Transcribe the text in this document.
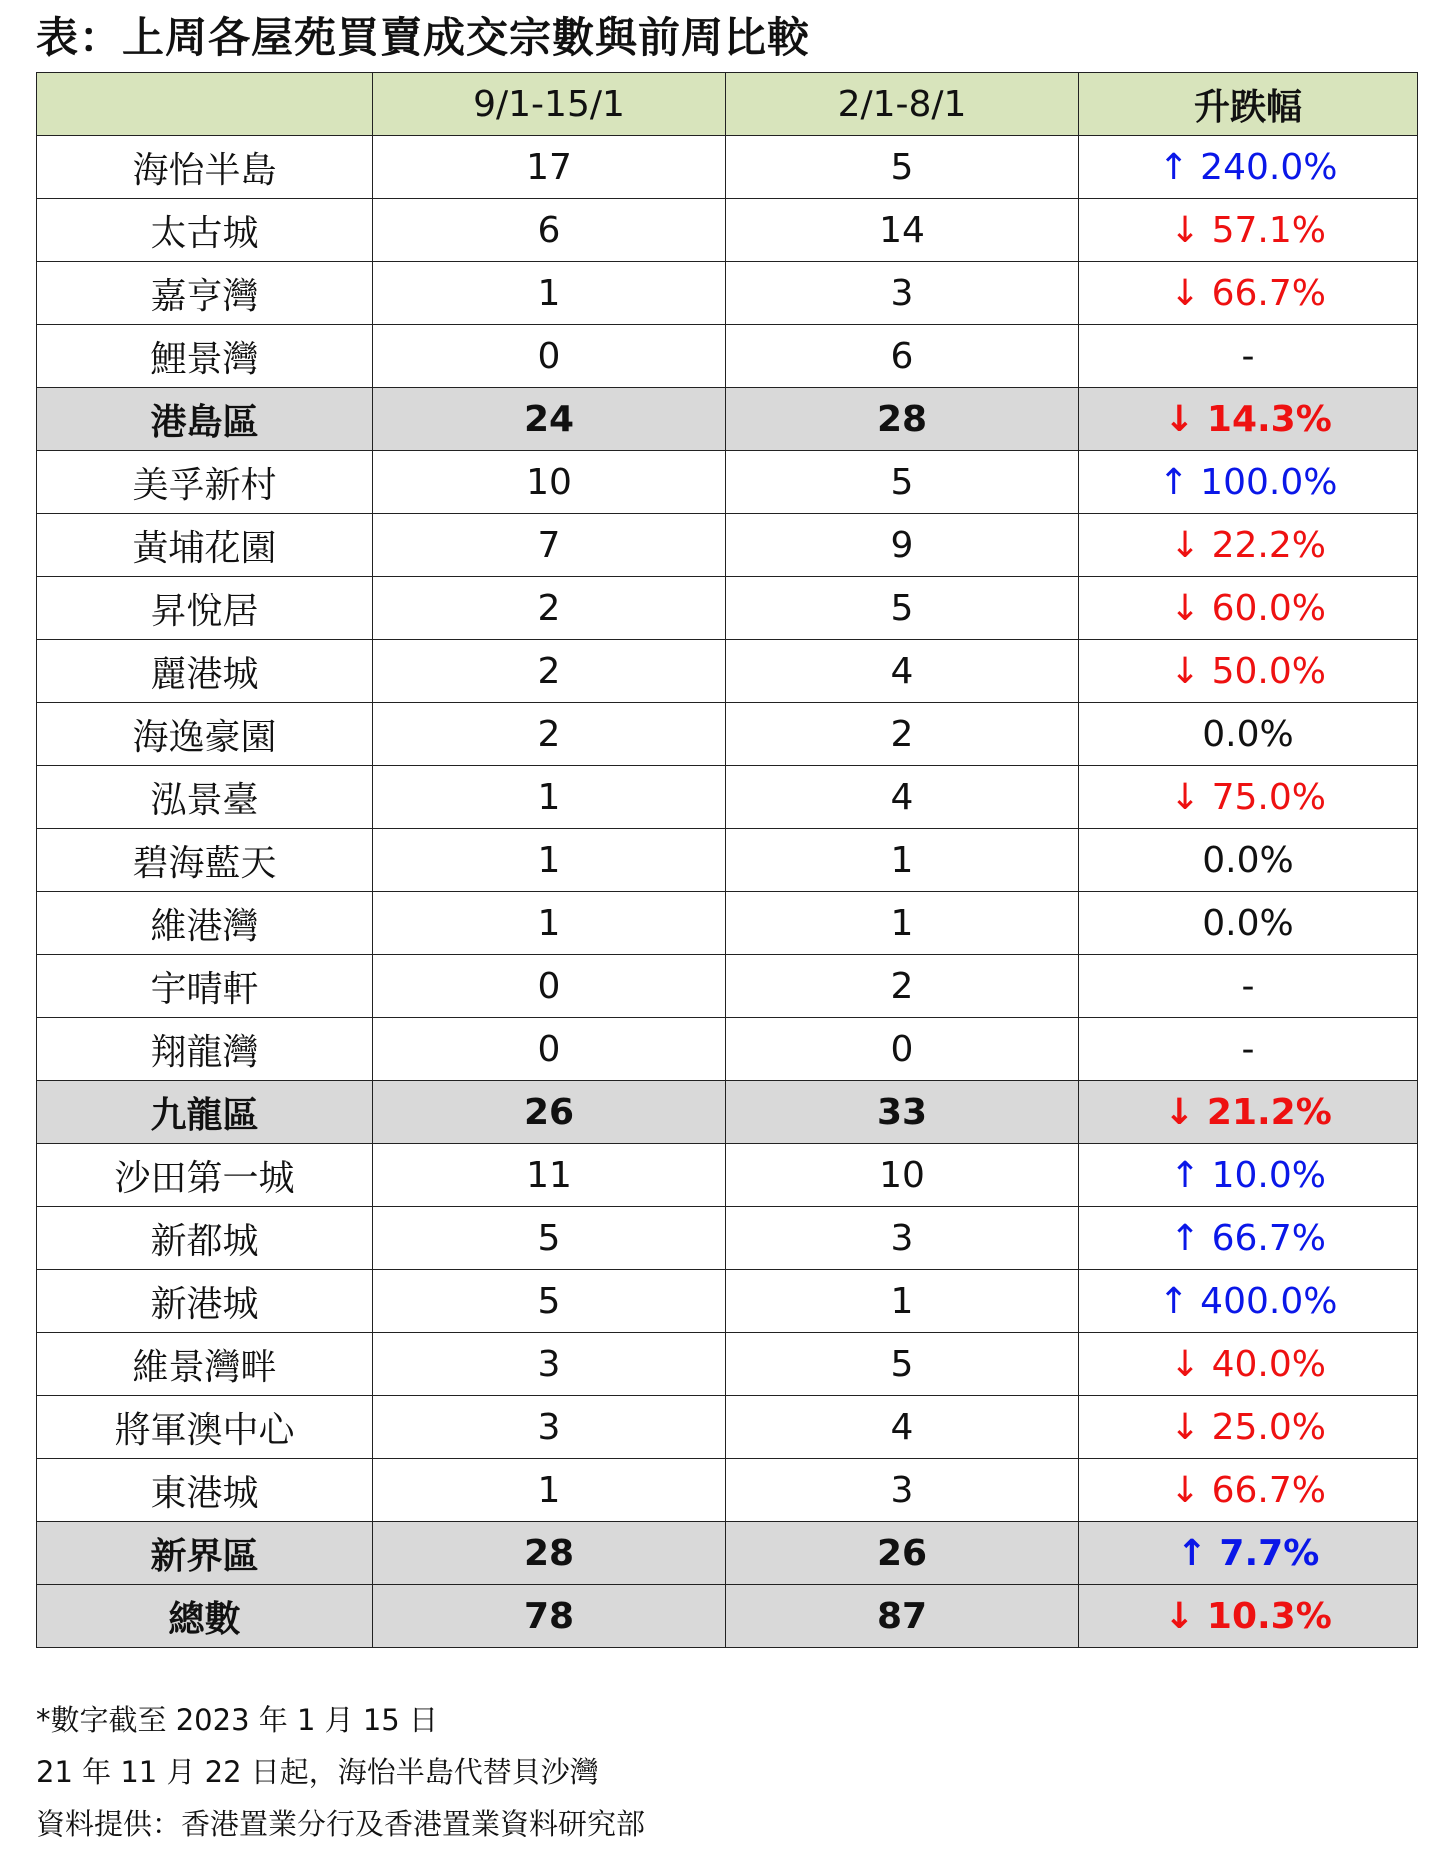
表：上周各屋苑買賣成交宗數與前周比較
	9/1-15/1	2/1-8/1	升跌幅
海怡半島	17	5	↑ 240.0%
太古城	6	14	↓ 57.1%
嘉亨灣	1	3	↓ 66.7%
鯉景灣	0	6	-
港島區	24	28	↓ 14.3%
美孚新村	10	5	↑ 100.0%
黃埔花園	7	9	↓ 22.2%
昇悅居	2	5	↓ 60.0%
麗港城	2	4	↓ 50.0%
海逸豪園	2	2	0.0%
泓景臺	1	4	↓ 75.0%
碧海藍天	1	1	0.0%
維港灣	1	1	0.0%
宇晴軒	0	2	-
翔龍灣	0	0	-
九龍區	26	33	↓ 21.2%
沙田第一城	11	10	↑ 10.0%
新都城	5	3	↑ 66.7%
新港城	5	1	↑ 400.0%
維景灣畔	3	5	↓ 40.0%
將軍澳中心	3	4	↓ 25.0%
東港城	1	3	↓ 66.7%
新界區	28	26	↑ 7.7%
總數	78	87	↓ 10.3%
*數字截至 2023 年 1 月 15 日
21 年 11 月 22 日起，海怡半島代替貝沙灣
資料提供：香港置業分行及香港置業資料研究部
